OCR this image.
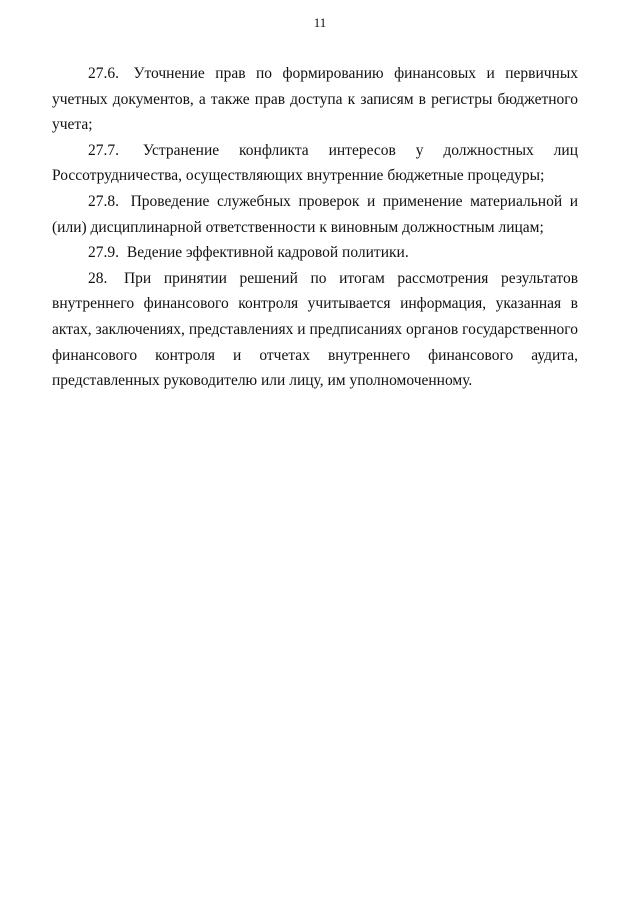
11

27.6. Уточнение прав по формированию финансовых и первичных учетных документов, а также прав доступа к записям в регистры бюджетного учета;

27.7. Устранение конфликта интересов у должностных лиц Россотрудничества, осуществляющих внутренние бюджетные процедуры;

27.8. Проведение служебных проверок и применение материальной и (или) дисциплинарной ответственности к виновным должностным лицам;

27.9. Ведение эффективной кадровой политики.

28. При принятии решений по итогам рассмотрения результатов внутреннего финансового контроля учитывается информация, указанная в актах, заключениях, представлениях и предписаниях органов государственного финансового контроля и отчетах внутреннего финансового аудита, представленных руководителю или лицу, им уполномоченному.
